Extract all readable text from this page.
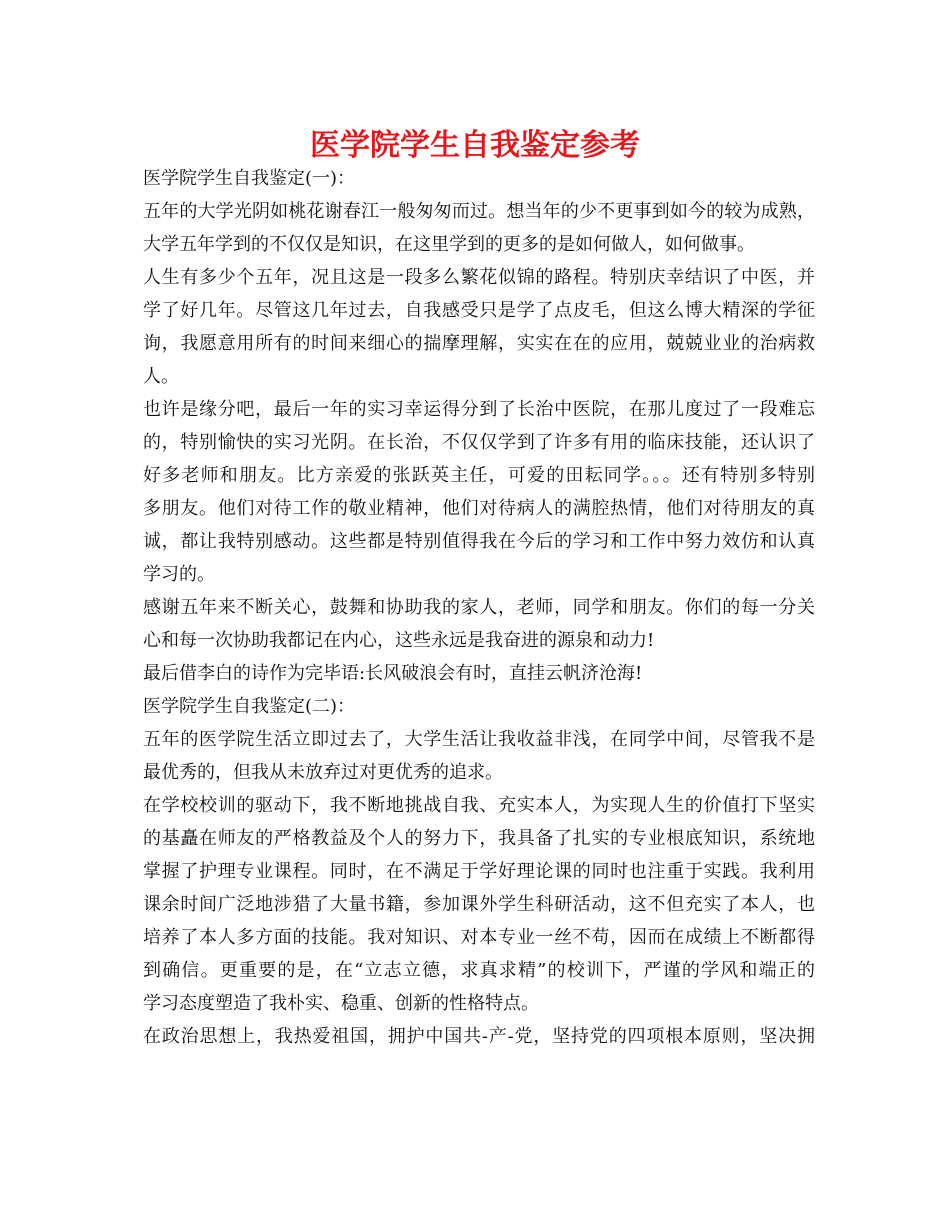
医学院学生自我鉴定参考
医学院学生自我鉴定(一)：
五年的大学光阴如桃花谢春江一般匆匆而过。想当年的少不更事到如今的较为成熟，
大学五年学到的不仅仅是知识，在这里学到的更多的是如何做人，如何做事。
人生有多少个五年，况且这是一段多么繁花似锦的路程。特别庆幸结识了中医，并
学了好几年。尽管这几年过去，自我感受只是学了点皮毛，但这么博大精深的学征
询，我愿意用所有的时间来细心的揣摩理解，实实在在的应用，兢兢业业的治病救
人。
也许是缘分吧，最后一年的实习幸运得分到了长治中医院，在那儿度过了一段难忘
的，特别愉快的实习光阴。在长治，不仅仅学到了许多有用的临床技能，还认识了
好多老师和朋友。比方亲爱的张跃英主任，可爱的田耘同学。。。还有特别多特别
多朋友。他们对待工作的敬业精神，他们对待病人的满腔热情，他们对待朋友的真
诚，都让我特别感动。这些都是特别值得我在今后的学习和工作中努力效仿和认真
学习的。
感谢五年来不断关心，鼓舞和协助我的家人，老师，同学和朋友。你们的每一分关
心和每一次协助我都记在内心，这些永远是我奋进的源泉和动力!
最后借李白的诗作为完毕语:长风破浪会有时，直挂云帆济沧海!
医学院学生自我鉴定(二)：
五年的医学院生活立即过去了，大学生活让我收益非浅，在同学中间，尽管我不是
最优秀的，但我从未放弃过对更优秀的追求。
在学校校训的驱动下，我不断地挑战自我、充实本人，为实现人生的价值打下坚实
的基矗在师友的严格教益及个人的努力下，我具备了扎实的专业根底知识，系统地
掌握了护理专业课程。同时，在不满足于学好理论课的同时也注重于实践。我利用
课余时间广泛地涉猎了大量书籍，参加课外学生科研活动，这不但充实了本人，也
培养了本人多方面的技能。我对知识、对本专业一丝不苟，因而在成绩上不断都得
到确信。更重要的是，在“立志立德，求真求精”的校训下，严谨的学风和端正的
学习态度塑造了我朴实、稳重、创新的性格特点。
在政治思想上，我热爱祖国，拥护中国共-产-党，坚持党的四项根本原则，坚决拥
